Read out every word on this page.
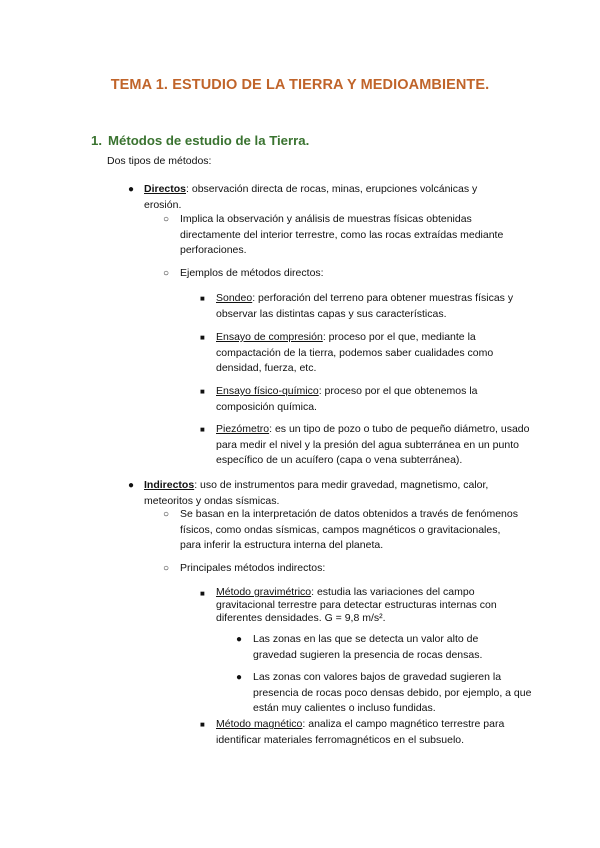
TEMA 1. ESTUDIO DE LA TIERRA Y MEDIOAMBIENTE.
1. Métodos de estudio de la Tierra.
Dos tipos de métodos:
● Directos: observación directa de rocas, minas, erupciones volcánicas y erosión.
○ Implica la observación y análisis de muestras físicas obtenidas directamente del interior terrestre, como las rocas extraídas mediante perforaciones.
○ Ejemplos de métodos directos:
■ Sondeo: perforación del terreno para obtener muestras físicas y observar las distintas capas y sus características.
■ Ensayo de compresión: proceso por el que, mediante la compactación de la tierra, podemos saber cualidades como densidad, fuerza, etc.
■ Ensayo físico-químico: proceso por el que obtenemos la composición química.
■ Piezómetro: es un tipo de pozo o tubo de pequeño diámetro, usado para medir el nivel y la presión del agua subterránea en un punto específico de un acuífero (capa o vena subterránea).
● Indirectos: uso de instrumentos para medir gravedad, magnetismo, calor, meteoritos y ondas sísmicas.
○ Se basan en la interpretación de datos obtenidos a través de fenómenos físicos, como ondas sísmicas, campos magnéticos o gravitacionales, para inferir la estructura interna del planeta.
○ Principales métodos indirectos:
■ Método gravimétrico: estudia las variaciones del campo gravitacional terrestre para detectar estructuras internas con diferentes densidades. G = 9,8 m/s².
● Las zonas en las que se detecta un valor alto de gravedad sugieren la presencia de rocas densas.
● Las zonas con valores bajos de gravedad sugieren la presencia de rocas poco densas debido, por ejemplo, a que están muy calientes o incluso fundidas.
■ Método magnético: analiza el campo magnético terrestre para identificar materiales ferromagnéticos en el subsuelo.
